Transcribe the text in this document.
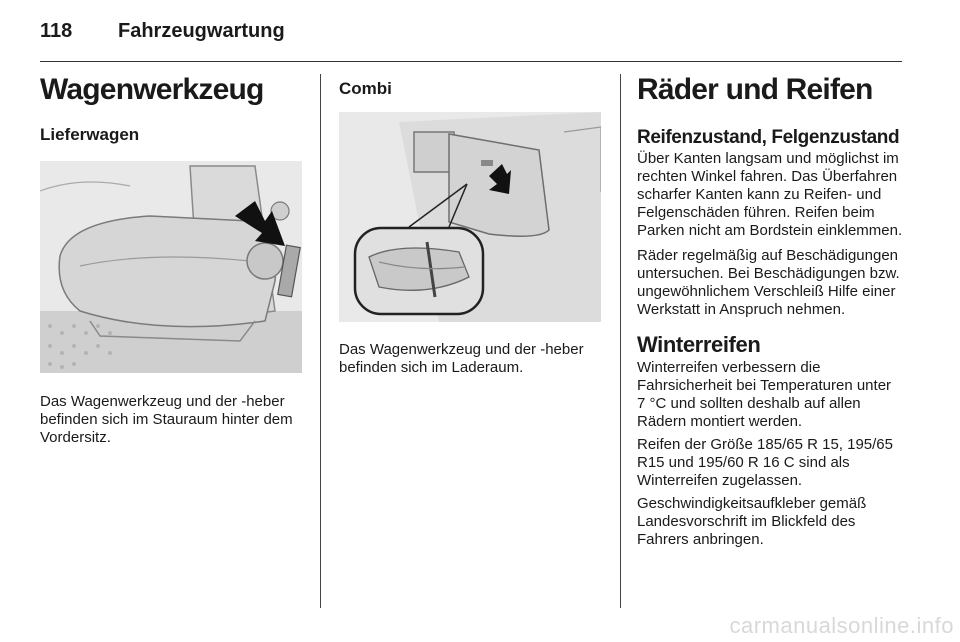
118 Fahrzeugwartung
Wagenwerkzeug
Lieferwagen

Das Wagenwerkzeug und der -heber befinden sich im Stauraum hinter dem Vordersitz.

Combi

Das Wagenwerkzeug und der -heber befinden sich im Laderaum.

Räder und Reifen
Reifenzustand, Felgenzustand

Über Kanten langsam und möglichst im rechten Winkel fahren. Das Überfahren scharfer Kanten kann zu Reifen- und Felgenschäden führen. Reifen beim Parken nicht am Bordstein einklemmen.

Räder regelmäßig auf Beschädigungen untersuchen. Bei Beschädigungen bzw. ungewöhnlichem Verschleiß Hilfe einer Werkstatt in Anspruch nehmen.

Winterreifen

Winterreifen verbessern die Fahrsicherheit bei Temperaturen unter 7 °C und sollten deshalb auf allen Rädern montiert werden.

Reifen der Größe 185/65 R 15, 195/65 R15 und 195/60 R 16 C sind als Winterreifen zugelassen.

Geschwindigkeitsaufkleber gemäß Landesvorschrift im Blickfeld des Fahrers anbringen.

carmanualsonline.info
